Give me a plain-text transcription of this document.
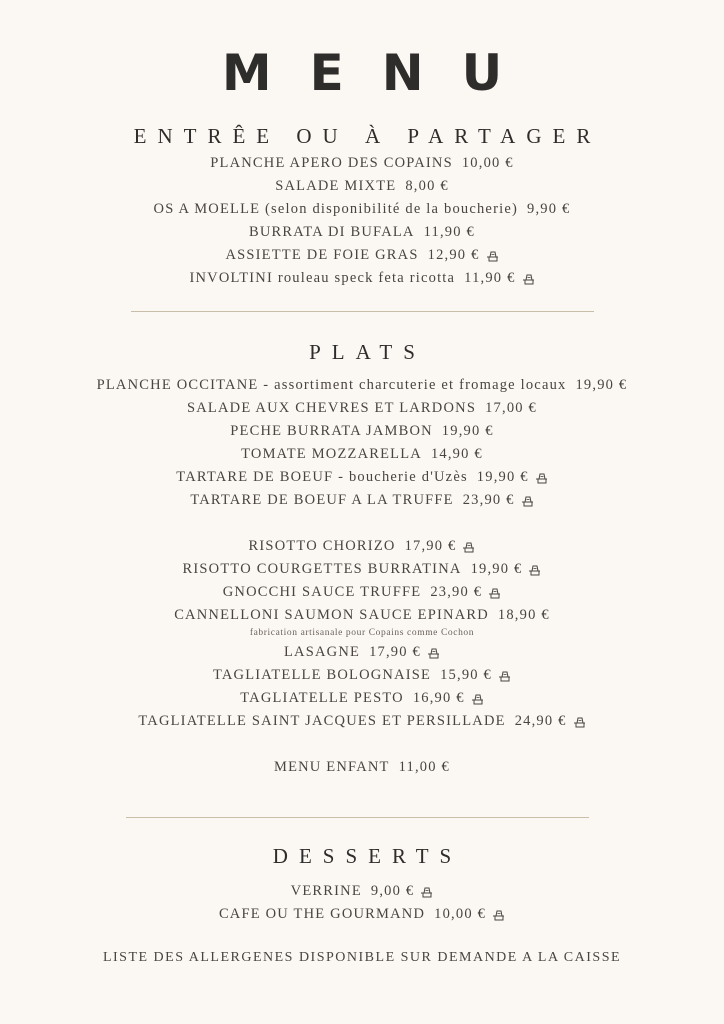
MENU
ENTRÊE OU À PARTAGER
PLANCHE APERO DES COPAINS 10,00 €
SALADE MIXTE 8,00 €
OS A MOELLE (selon disponibilité de la boucherie) 9,90 €
BURRATA DI BUFALA 11,90 €
ASSIETTE DE FOIE GRAS 12,90 €
INVOLTINI rouleau speck feta ricotta 11,90 €
PLATS
PLANCHE OCCITANE - assortiment charcuterie et fromage locaux 19,90 €
SALADE AUX CHEVRES ET LARDONS 17,00 €
PECHE BURRATA JAMBON 19,90 €
TOMATE MOZZARELLA 14,90 €
TARTARE DE BOEUF - boucherie d'Uzès 19,90 €
TARTARE DE BOEUF A LA TRUFFE 23,90 €
RISOTTO CHORIZO 17,90 €
RISOTTO COURGETTES BURRATINA 19,90 €
GNOCCHI SAUCE TRUFFE 23,90 €
CANNELLONI SAUMON SAUCE EPINARD 18,90 €
fabrication artisanale pour Copains comme Cochon
LASAGNE 17,90 €
TAGLIATELLE BOLOGNAISE 15,90 €
TAGLIATELLE PESTO 16,90 €
TAGLIATELLE SAINT JACQUES ET PERSILLADE 24,90 €
MENU ENFANT 11,00 €
DESSERTS
VERRINE 9,00 €
CAFE OU THE GOURMAND 10,00 €
LISTE DES ALLERGENES DISPONIBLE SUR DEMANDE A LA CAISSE
